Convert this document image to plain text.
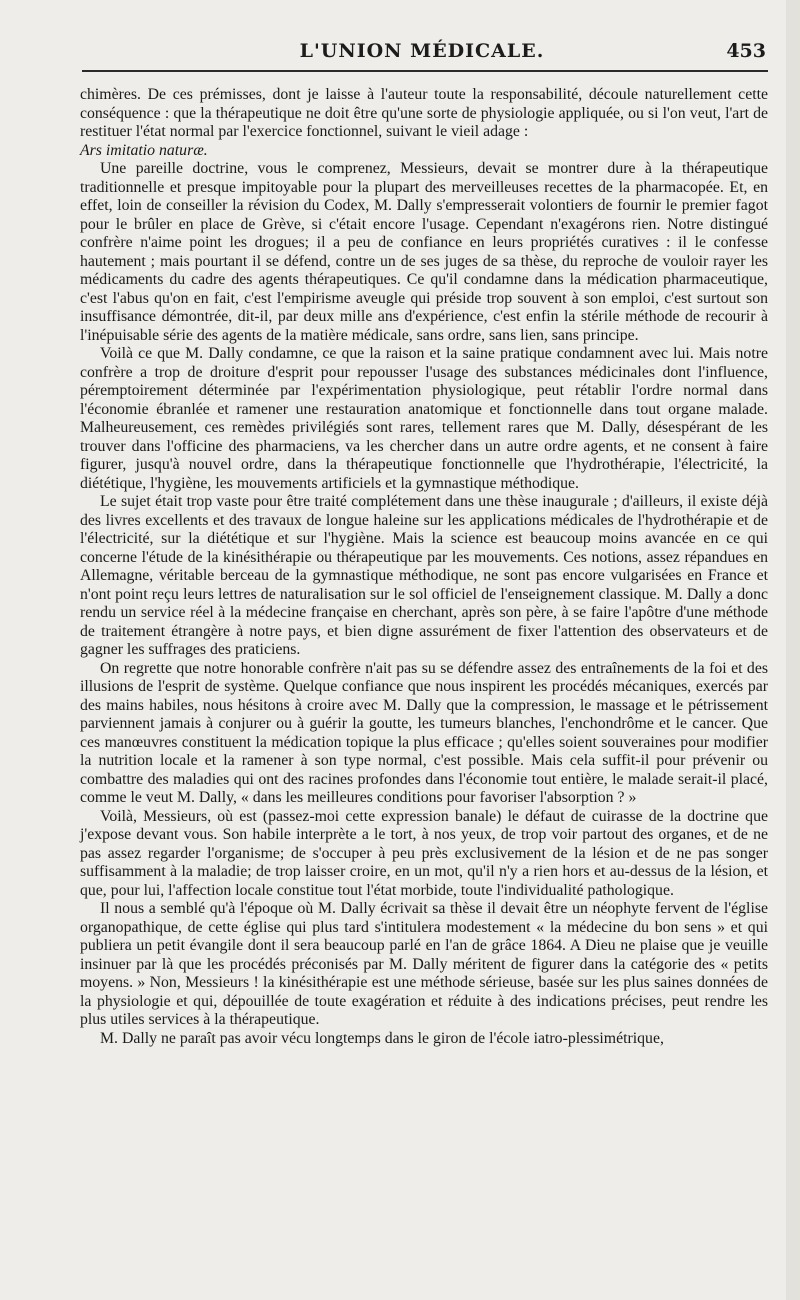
L'UNION MÉDICALE.	453

chimères. De ces prémisses, dont je laisse à l'auteur toute la responsabilité, découle naturellement cette conséquence : que la thérapeutique ne doit être qu'une sorte de physiologie appliquée, ou si l'on veut, l'art de restituer l'état normal par l'exercice fonctionnel, suivant le vieil adage :
Ars imitatio naturæ.

Une pareille doctrine, vous le comprenez, Messieurs, devait se montrer dure à la thérapeutique traditionnelle et presque impitoyable pour la plupart des merveilleuses recettes de la pharmacopée. Et, en effet, loin de conseiller la révision du Codex, M. Dally s'empresserait volontiers de fournir le premier fagot pour le brûler en place de Grève, si c'était encore l'usage. Cependant n'exagérons rien. Notre distingué confrère n'aime point les drogues; il a peu de confiance en leurs propriétés curatives : il le confesse hautement ; mais pourtant il se défend, contre un de ses juges de sa thèse, du reproche de vouloir rayer les médicaments du cadre des agents thérapeutiques. Ce qu'il condamne dans la médication pharmaceutique, c'est l'abus qu'on en fait, c'est l'empirisme aveugle qui préside trop souvent à son emploi, c'est surtout son insuffisance démontrée, dit-il, par deux mille ans d'expérience, c'est enfin la stérile méthode de recourir à l'inépuisable série des agents de la matière médicale, sans ordre, sans lien, sans principe.

Voilà ce que M. Dally condamne, ce que la raison et la saine pratique condamnent avec lui. Mais notre confrère a trop de droiture d'esprit pour repousser l'usage des substances médicinales dont l'influence, péremptoirement déterminée par l'expérimentation physiologique, peut rétablir l'ordre normal dans l'économie ébranlée et ramener une restauration anatomique et fonctionnelle dans tout organe malade. Malheureusement, ces remèdes privilégiés sont rares, tellement rares que M. Dally, désespérant de les trouver dans l'officine des pharmaciens, va les chercher dans un autre ordre agents, et ne consent à faire figurer, jusqu'à nouvel ordre, dans la thérapeutique fonctionnelle que l'hydrothérapie, l'électricité, la diététique, l'hygiène, les mouvements artificiels et la gymnastique méthodique.

Le sujet était trop vaste pour être traité complétement dans une thèse inaugurale ; d'ailleurs, il existe déjà des livres excellents et des travaux de longue haleine sur les applications médicales de l'hydrothérapie et de l'électricité, sur la diététique et sur l'hygiène. Mais la science est beaucoup moins avancée en ce qui concerne l'étude de la kinésithérapie ou thérapeutique par les mouvements. Ces notions, assez répandues en Allemagne, véritable berceau de la gymnastique méthodique, ne sont pas encore vulgarisées en France et n'ont point reçu leurs lettres de naturalisation sur le sol officiel de l'enseignement classique. M. Dally a donc rendu un service réel à la médecine française en cherchant, après son père, à se faire l'apôtre d'une méthode de traitement étrangère à notre pays, et bien digne assurément de fixer l'attention des observateurs et de gagner les suffrages des praticiens.

On regrette que notre honorable confrère n'ait pas su se défendre assez des entraînements de la foi et des illusions de l'esprit de système. Quelque confiance que nous inspirent les procédés mécaniques, exercés par des mains habiles, nous hésitons à croire avec M. Dally que la compression, le massage et le pétrissement parviennent jamais à conjurer ou à guérir la goutte, les tumeurs blanches, l'enchondrôme et le cancer. Que ces manœuvres constituent la médication topique la plus efficace ; qu'elles soient souveraines pour modifier la nutrition locale et la ramener à son type normal, c'est possible. Mais cela suffit-il pour prévenir ou combattre des maladies qui ont des racines profondes dans l'économie tout entière, le malade serait-il placé, comme le veut M. Dally, « dans les meilleures conditions pour favoriser l'absorption ? »

Voilà, Messieurs, où est (passez-moi cette expression banale) le défaut de cuirasse de la doctrine que j'expose devant vous. Son habile interprète a le tort, à nos yeux, de trop voir partout des organes, et de ne pas assez regarder l'organisme; de s'occuper à peu près exclusivement de la lésion et de ne pas songer suffisamment à la maladie; de trop laisser croire, en un mot, qu'il n'y a rien hors et au-dessus de la lésion, et que, pour lui, l'affection locale constitue tout l'état morbide, toute l'individualité pathologique.

Il nous a semblé qu'à l'époque où M. Dally écrivait sa thèse il devait être un néophyte fervent de l'église organopathique, de cette église qui plus tard s'intitulera modestement « la médecine du bon sens » et qui publiera un petit évangile dont il sera beaucoup parlé en l'an de grâce 1864. A Dieu ne plaise que je veuille insinuer par là que les procédés préconisés par M. Dally méritent de figurer dans la catégorie des « petits moyens. » Non, Messieurs ! la kinésithérapie est une méthode sérieuse, basée sur les plus saines données de la physiologie et qui, dépouillée de toute exagération et réduite à des indications précises, peut rendre les plus utiles services à la thérapeutique.

M. Dally ne paraît pas avoir vécu longtemps dans le giron de l'école iatro-plessimétrique,
